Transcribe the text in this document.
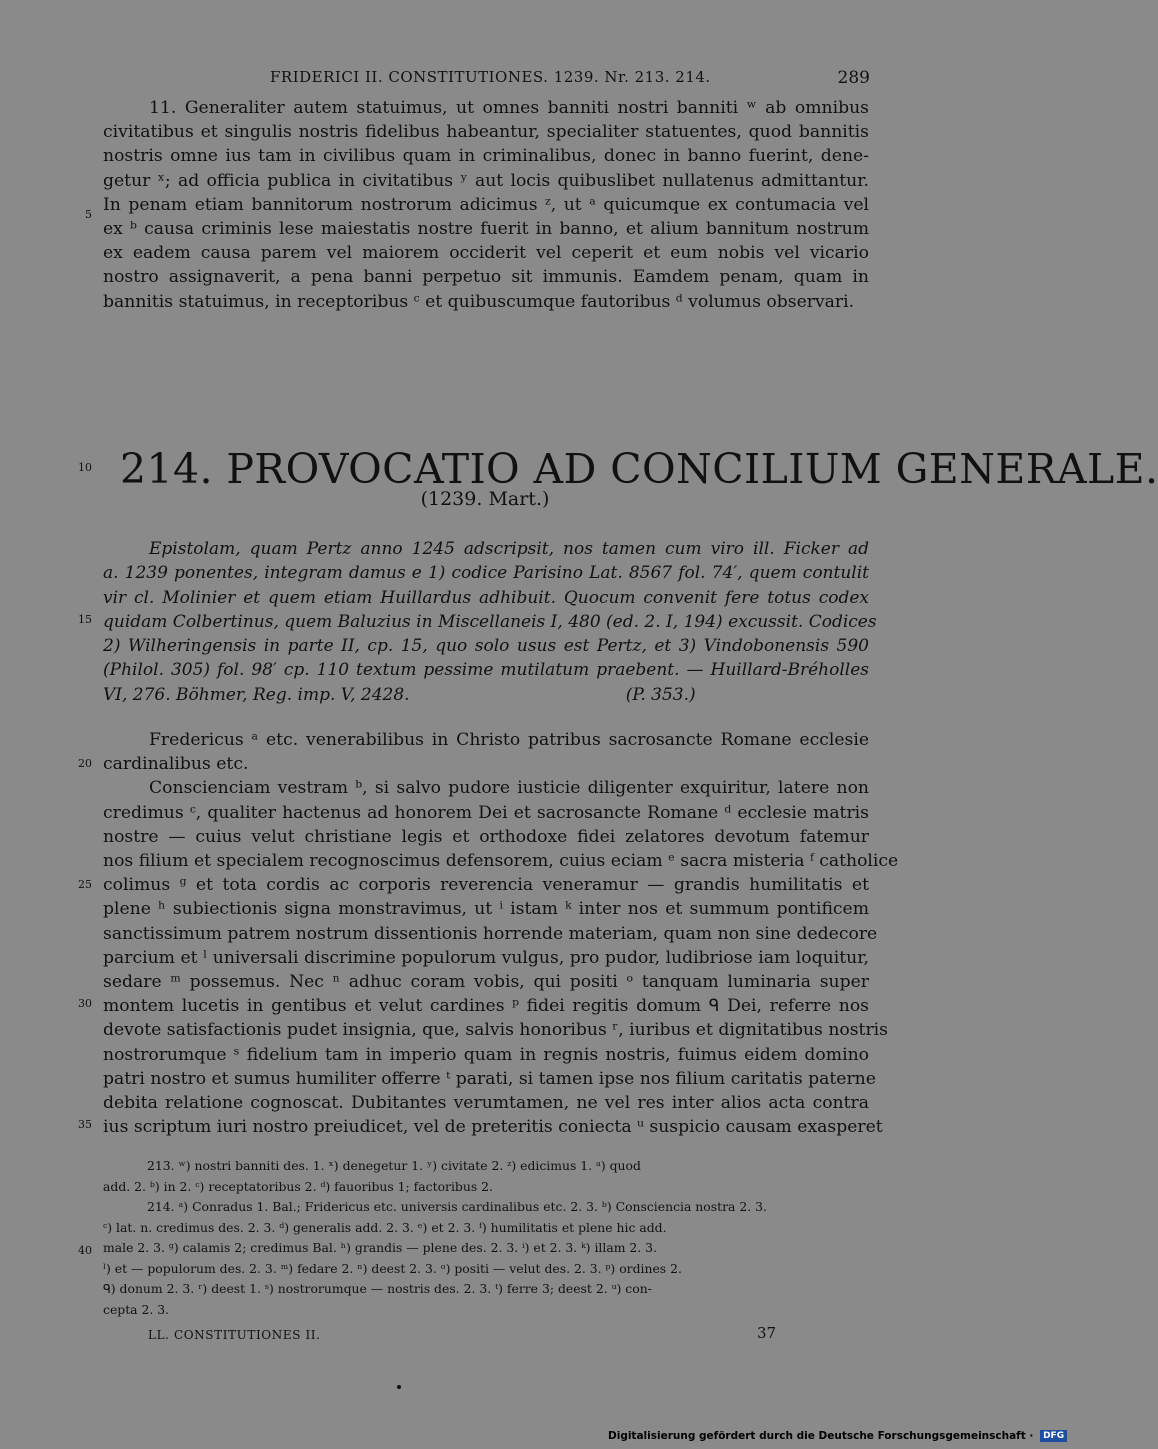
FRIDERICI II. CONSTITUTIONES. 1239. Nr. 213. 214.	289
11. Generaliter autem statuimus, ut omnes banniti nostri banniti ʷ ab omnibus
civitatibus et singulis nostris fidelibus habeantur, specialiter statuentes, quod bannitis
nostris omne ius tam in civilibus quam in criminalibus, donec in banno fuerint, dene-
getur ˣ; ad officia publica in civitatibus ʸ aut locis quibuslibet nullatenus admittantur.
In penam etiam bannitorum nostrorum adicimus ᶻ, ut ᵃ quicumque ex contumacia vel
ex ᵇ causa criminis lese maiestatis nostre fuerit in banno, et alium bannitum nostrum
ex eadem causa parem vel maiorem occiderit vel ceperit et eum nobis vel vicario
nostro assignaverit, a pena banni perpetuo sit immunis. Eamdem penam, quam in
bannitis statuimus, in receptoribus ᶜ et quibuscumque fautoribus ᵈ volumus observari.
5
10
15
20
25
30
35
40
214. PROVOCATIO AD CONCILIUM GENERALE.
(1239. Mart.)
Epistolam, quam Pertz anno 1245 adscripsit, nos tamen cum viro ill. Ficker ad
a. 1239 ponentes, integram damus e 1) codice Parisino Lat. 8567 fol. 74′, quem contulit
vir cl. Molinier et quem etiam Huillardus adhibuit. Quocum convenit fere totus codex
quidam Colbertinus, quem Baluzius in Miscellaneis I, 480 (ed. 2. I, 194) excussit. Codices
2) Wilheringensis in parte II, cp. 15, quo solo usus est Pertz, et 3) Vindobonensis 590
(Philol. 305) fol. 98′ cp. 110 textum pessime mutilatum praebent. — Huillard-Bréholles
VI, 276. Böhmer, Reg. imp. V, 2428.                                        (P. 353.)
Fredericus ᵃ etc. venerabilibus in Christo patribus sacrosancte Romane ecclesie
cardinalibus etc.
Conscienciam vestram ᵇ, si salvo pudore iusticie diligenter exquiritur, latere non
credimus ᶜ, qualiter hactenus ad honorem Dei et sacrosancte Romane ᵈ ecclesie matris
nostre — cuius velut christiane legis et orthodoxe fidei zelatores devotum fatemur
nos filium et specialem recognoscimus defensorem, cuius eciam ᵉ sacra misteria ᶠ catholice
colimus ᵍ et tota cordis ac corporis reverencia veneramur — grandis humilitatis et
plene ʰ subiectionis signa monstravimus, ut ⁱ istam ᵏ inter nos et summum pontificem
sanctissimum patrem nostrum dissentionis horrende materiam, quam non sine dedecore
parcium et ˡ universali discrimine populorum vulgus, pro pudor, ludibriose iam loquitur,
sedare ᵐ possemus. Nec ⁿ adhuc coram vobis, qui positi ᵒ tanquam luminaria super
montem lucetis in gentibus et velut cardines ᵖ fidei regitis domum ᑫ Dei, referre nos
devote satisfactionis pudet insignia, que, salvis honoribus ʳ, iuribus et dignitatibus nostris
nostrorumque ˢ fidelium tam in imperio quam in regnis nostris, fuimus eidem domino
patri nostro et sumus humiliter offerre ᵗ parati, si tamen ipse nos filium caritatis paterne
debita relatione cognoscat. Dubitantes verumtamen, ne vel res inter alios acta contra
ius scriptum iuri nostro preiudicet, vel de preteritis coniecta ᵘ suspicio causam exasperet
213. ʷ) nostri banniti des. 1. ˣ) denegetur 1. ʸ) civitate 2. ᶻ) edicimus 1. ᵃ) quod
add. 2. ᵇ) in 2. ᶜ) receptatoribus 2. ᵈ) fauoribus 1; factoribus 2.
214. ᵃ) Conradus 1. Bal.; Fridericus etc. universis cardinalibus etc. 2. 3. ᵇ) Consciencia nostra 2. 3.
ᶜ) lat. n. credimus des. 2. 3. ᵈ) generalis add. 2. 3. ᵉ) et 2. 3. ᶠ) humilitatis et plene hic add.
male 2. 3. ᵍ) calamis 2; credimus Bal. ʰ) grandis — plene des. 2. 3. ⁱ) et 2. 3. ᵏ) illam 2. 3.
ˡ) et — populorum des. 2. 3. ᵐ) fedare 2. ⁿ) deest 2. 3. ᵒ) positi — velut des. 2. 3. ᵖ) ordines 2.
ᑫ) donum 2. 3. ʳ) deest 1. ˢ) nostrorumque — nostris des. 2. 3. ᵗ) ferre 3; deest 2. ᵘ) con-
cepta 2. 3.
LL. CONSTITUTIONES II.	37
Digitalisierung gefördert durch die Deutsche Forschungsgemeinschaft · DFG
